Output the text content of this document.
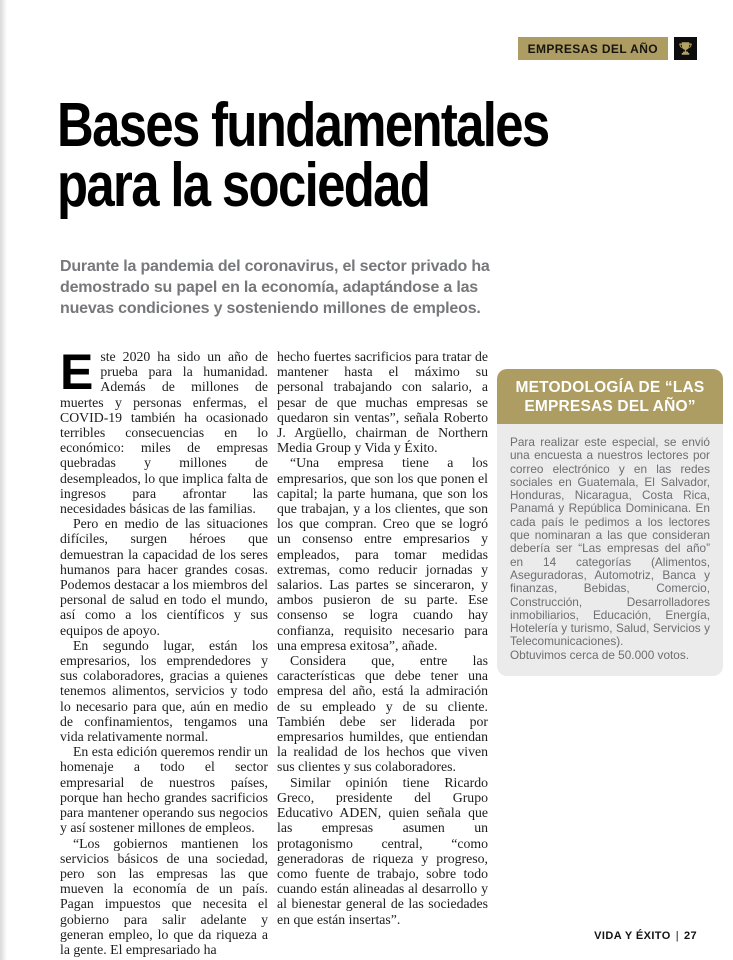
EMPRESAS DEL AÑO
Bases fundamentales
para la sociedad
Durante la pandemia del coronavirus, el sector privado ha demostrado su papel en la economía, adaptándose a las nuevas condiciones y sosteniendo millones de empleos.

Este 2020 ha sido un año de prueba para la humanidad. Además de millones de muertes y personas enfermas, el COVID-19 también ha ocasionado terribles consecuencias en lo económico: miles de empresas quebradas y millones de desempleados, lo que implica falta de ingresos para afrontar las necesidades básicas de las familias.

Pero en medio de las situaciones difíciles, surgen héroes que demuestran la capacidad de los seres humanos para hacer grandes cosas. Podemos destacar a los miembros del personal de salud en todo el mundo, así como a los científicos y sus equipos de apoyo.

En segundo lugar, están los empresarios, los emprendedores y sus colaboradores, gracias a quienes tenemos alimentos, servicios y todo lo necesario para que, aún en medio de confinamientos, tengamos una vida relativamente normal.

En esta edición queremos rendir un homenaje a todo el sector empresarial de nuestros países, porque han hecho grandes sacrificios para mantener operando sus negocios y así sostener millones de empleos.

“Los gobiernos mantienen los servicios básicos de una sociedad, pero son las empresas las que mueven la economía de un país. Pagan impuestos que necesita el gobierno para salir adelante y generan empleo, lo que da riqueza a la gente. El empresariado ha

hecho fuertes sacrificios para tratar de mantener hasta el máximo su personal trabajando con salario, a pesar de que muchas empresas se quedaron sin ventas”, señala Roberto J. Argüello, chairman de Northern Media Group y Vida y Éxito.

“Una empresa tiene a los empresarios, que son los que ponen el capital; la parte humana, que son los que trabajan, y a los clientes, que son los que compran. Creo que se logró un consenso entre empresarios y empleados, para tomar medidas extremas, como reducir jornadas y salarios. Las partes se sinceraron, y ambos pusieron de su parte. Ese consenso se logra cuando hay confianza, requisito necesario para una empresa exitosa”, añade.

Considera que, entre las características que debe tener una empresa del año, está la admiración de su empleado y de su cliente. También debe ser liderada por empresarios humildes, que entiendan la realidad de los hechos que viven sus clientes y sus colaboradores.

Similar opinión tiene Ricardo Greco, presidente del Grupo Educativo ADEN, quien señala que las empresas asumen un protagonismo central, “como generadoras de riqueza y progreso, como fuente de trabajo, sobre todo cuando están alineadas al desarrollo y al bienestar general de las sociedades en que están insertas”.

METODOLOGÍA DE “LAS EMPRESAS DEL AÑO”

Para realizar este especial, se envió una encuesta a nuestros lectores por correo electrónico y en las redes sociales en Guatemala, El Salvador, Honduras, Nicaragua, Costa Rica, Panamá y República Dominicana. En cada país le pedimos a los lectores que nominaran a las que consideran debería ser “Las empresas del año” en 14 categorías (Alimentos, Aseguradoras, Automotriz, Banca y finanzas, Bebidas, Comercio, Construcción, Desarrolladores inmobiliarios, Educación, Energía, Hotelería y turismo, Salud, Servicios y Telecomunicaciones).

Obtuvimos cerca de 50.000 votos.

VIDA Y ÉXITO | 27
